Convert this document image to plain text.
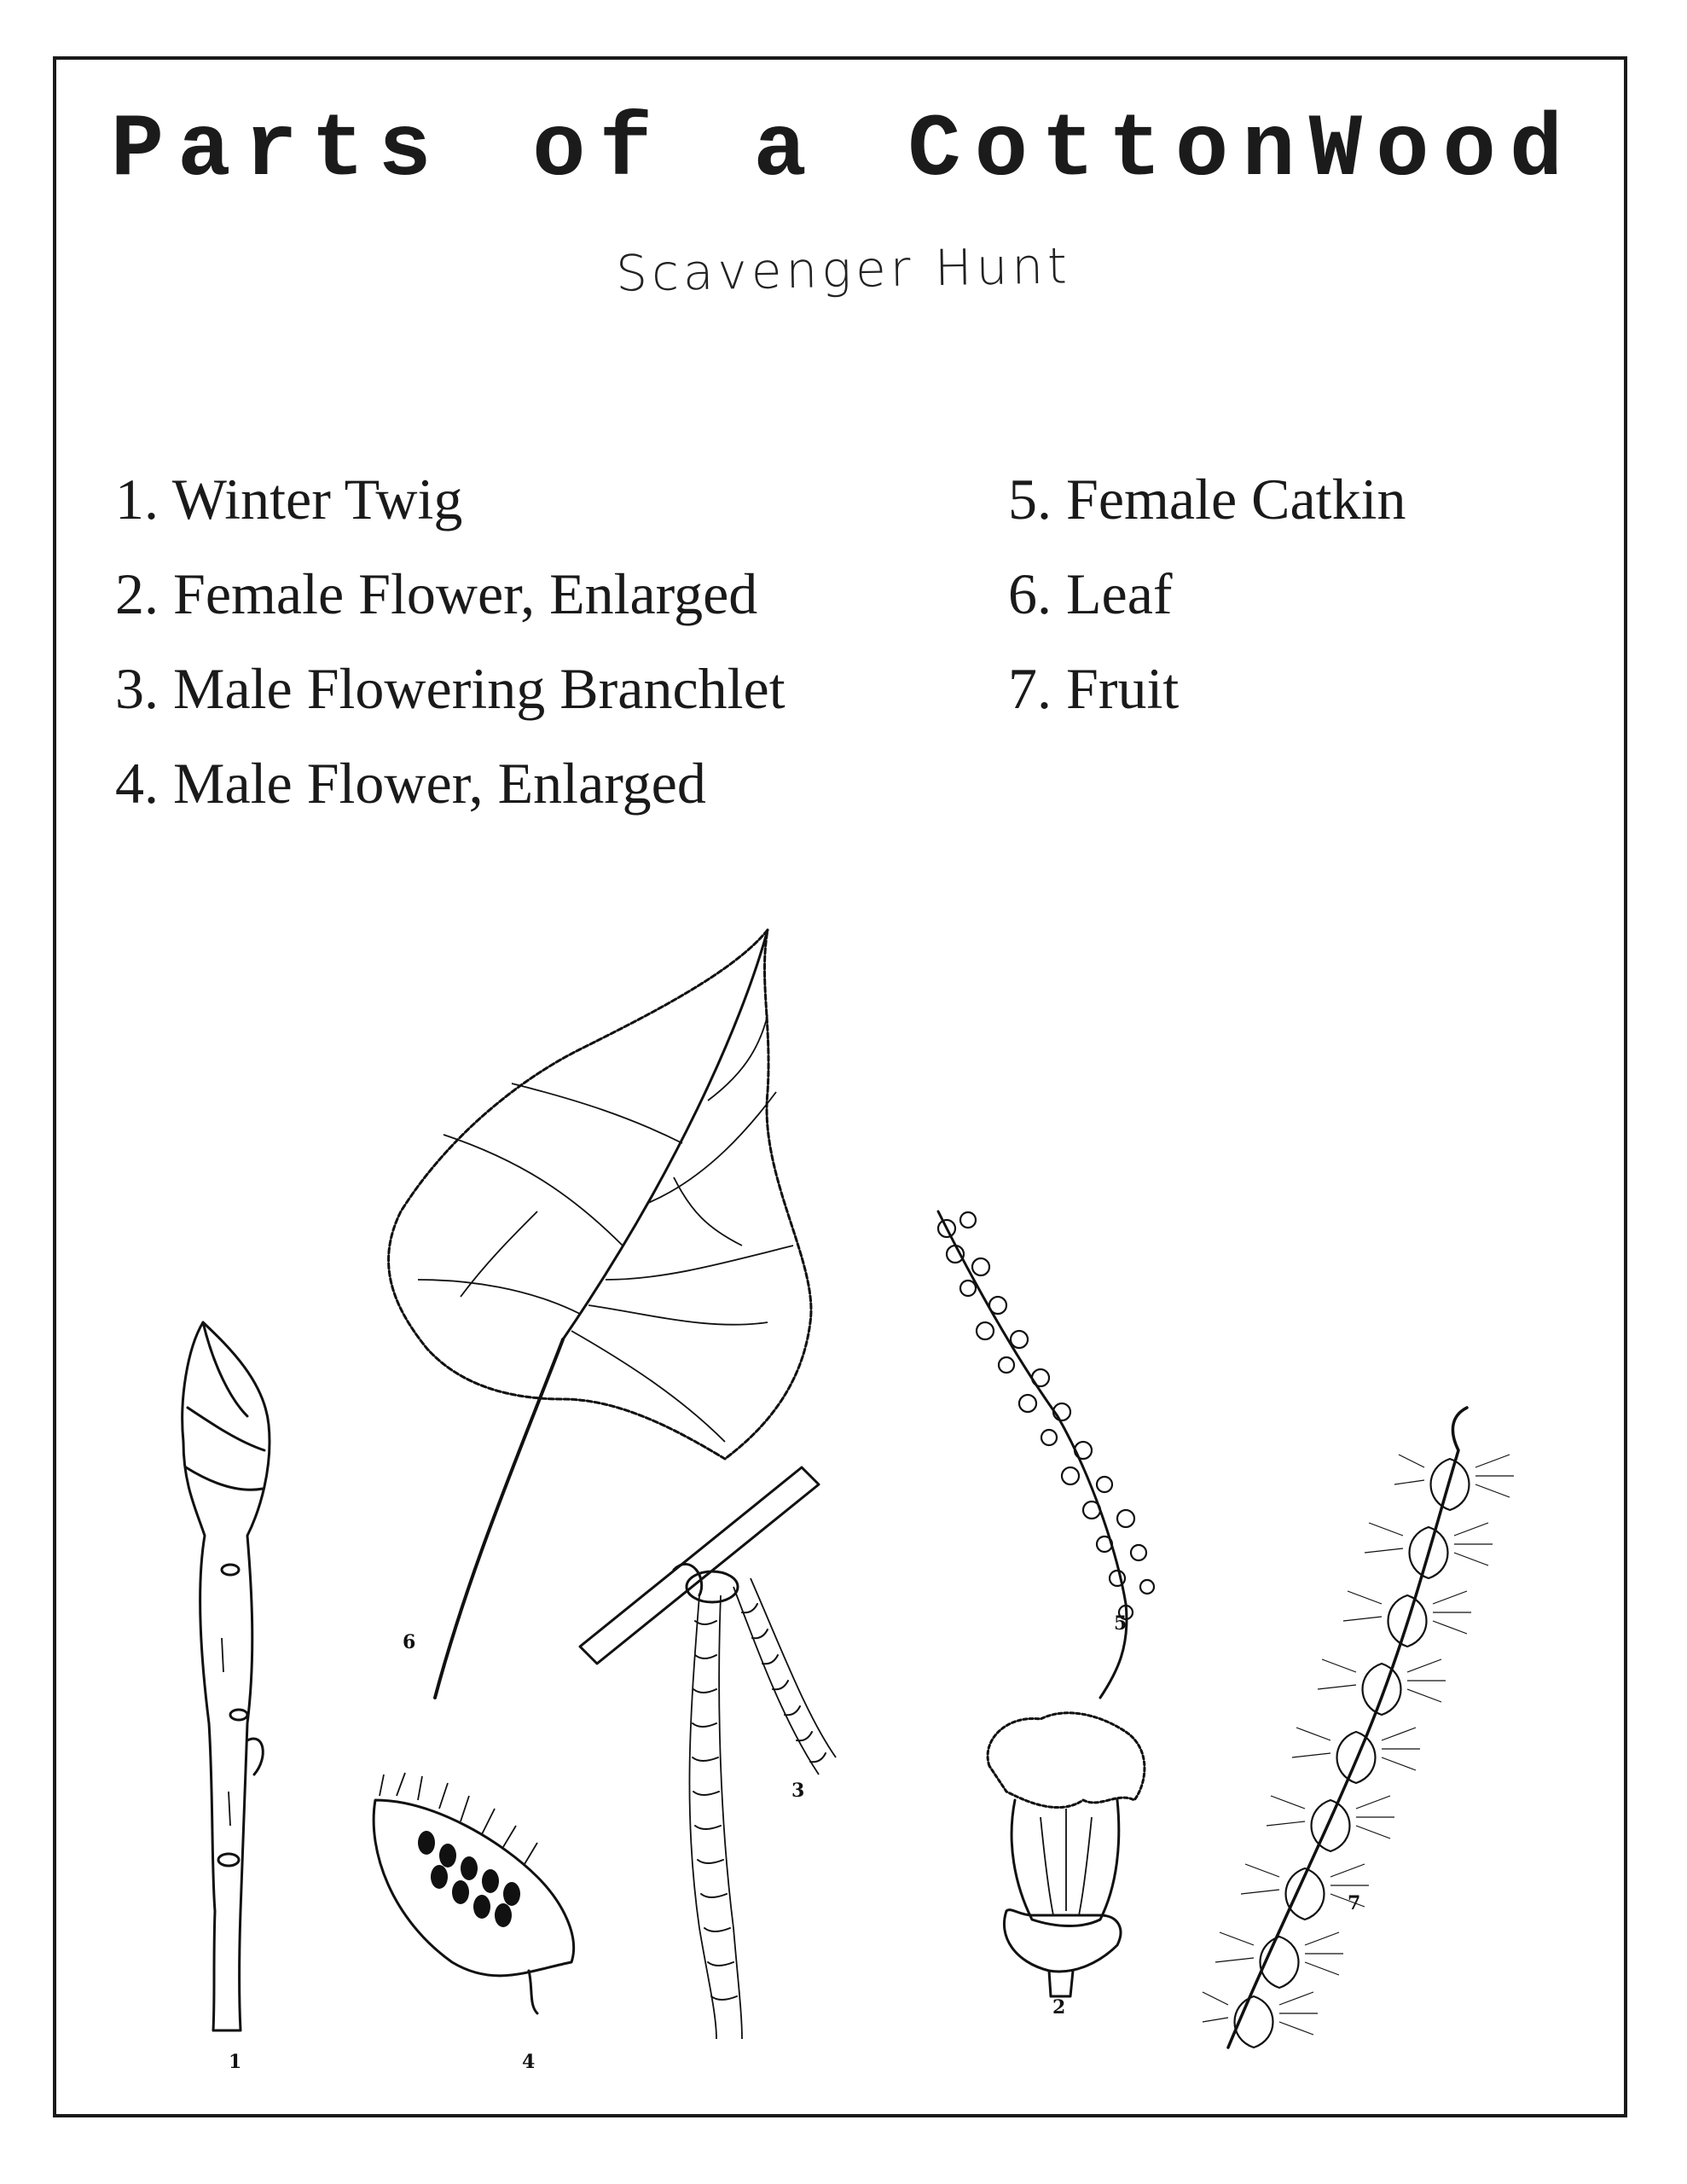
Parts of a CottonWood
Scavenger Hunt
1. Winter Twig
2. Female Flower, Enlarged
3. Male Flowering Branchlet
4. Male Flower, Enlarged
5. Female Catkin
6. Leaf
7. Fruit
6
1	4
3
2
5
7
